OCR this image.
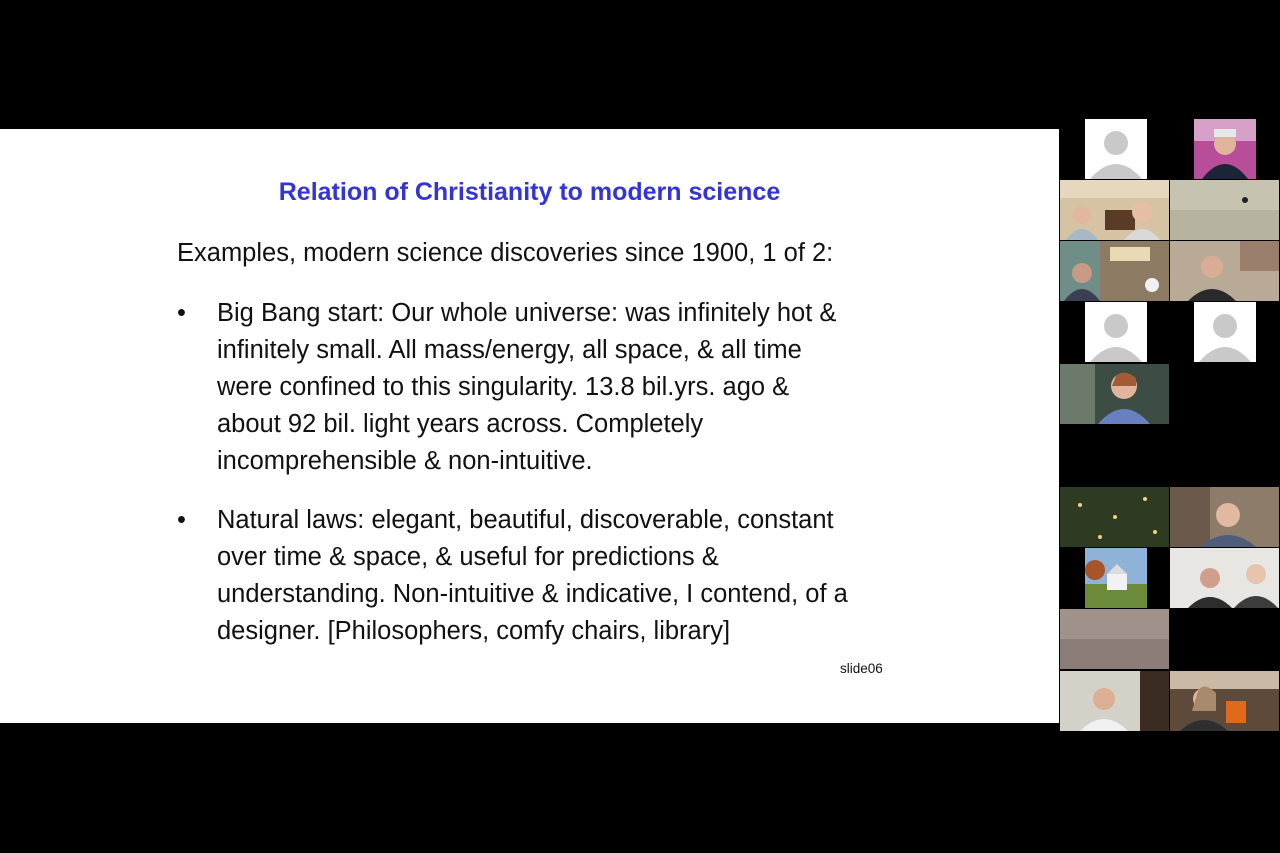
Relation of Christianity to modern science
Examples, modern science discoveries since 1900, 1 of 2:
•	Big Bang start: Our whole universe: was infinitely hot &
infinitely small. All mass/energy, all space, & all time
were confined to this singularity. 13.8 bil.yrs. ago &
about 92 bil. light years across. Completely
incomprehensible & non-intuitive.
•	Natural laws: elegant, beautiful, discoverable, constant
over time & space, & useful for predictions &
understanding. Non-intuitive & indicative, I contend, of a
designer. [Philosophers, comfy chairs, library]
slide06
